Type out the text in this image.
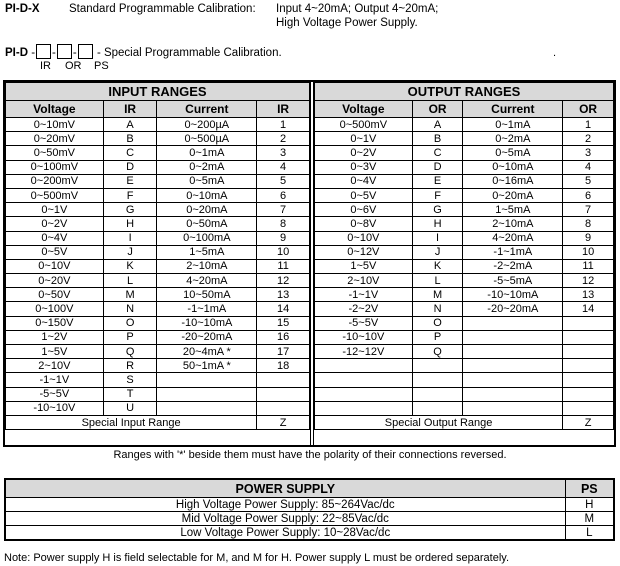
PI-D-X	Standard Programmable Calibration: Input 4~20mA; Output 4~20mA;
High Voltage Power Supply.
PI-D - - - - Special Programmable Calibration.
IR OR PS
.
INPUT RANGES			
Voltage	IR	Current	IR
0~10mV	A	0~200µA	1
0~20mV	B	0~500µA	2
0~50mV	C	0~1mA	3
0~100mV	D	0~2mA	4
0~200mV	E	0~5mA	5
0~500mV	F	0~10mA	6
0~1V	G	0~20mA	7
0~2V	H	0~50mA	8
0~4V	I	0~100mA	9
0~5V	J	1~5mA	10
0~10V	K	2~10mA	11
0~20V	L	4~20mA	12
0~50V	M	10~50mA	13
0~100V	N	-1~1mA	14
0~150V	O	-10~10mA	15
1~2V	P	-20~20mA	16
1~5V	Q	20~4mA *	17
2~10V	R	50~1mA *	18
-1~1V	S		
-5~5V	T		
-10~10V	U		
Special Input Range			Z
OUTPUT RANGES			
Voltage	OR	Current	OR
0~500mV	A	0~1mA	1
0~1V	B	0~2mA	2
0~2V	C	0~5mA	3
0~3V	D	0~10mA	4
0~4V	E	0~16mA	5
0~5V	F	0~20mA	6
0~6V	G	1~5mA	7
0~8V	H	2~10mA	8
0~10V	I	4~20mA	9
0~12V	J	-1~1mA	10
1~5V	K	-2~2mA	11
2~10V	L	-5~5mA	12
-1~1V	M	-10~10mA	13
-2~2V	N	-20~20mA	14
-5~5V	O		
-10~10V	P		
-12~12V	Q		

Special Output Range			Z
Ranges with '*' beside them must have the polarity of their connections reversed.
POWER SUPPLY	PS
High Voltage Power Supply: 85~264Vac/dc	H
Mid Voltage Power Supply: 22~85Vac/dc	M
Low Voltage Power Supply: 10~28Vac/dc	L
Note: Power supply H is field selectable for M, and M for H. Power supply L must be ordered separately.
